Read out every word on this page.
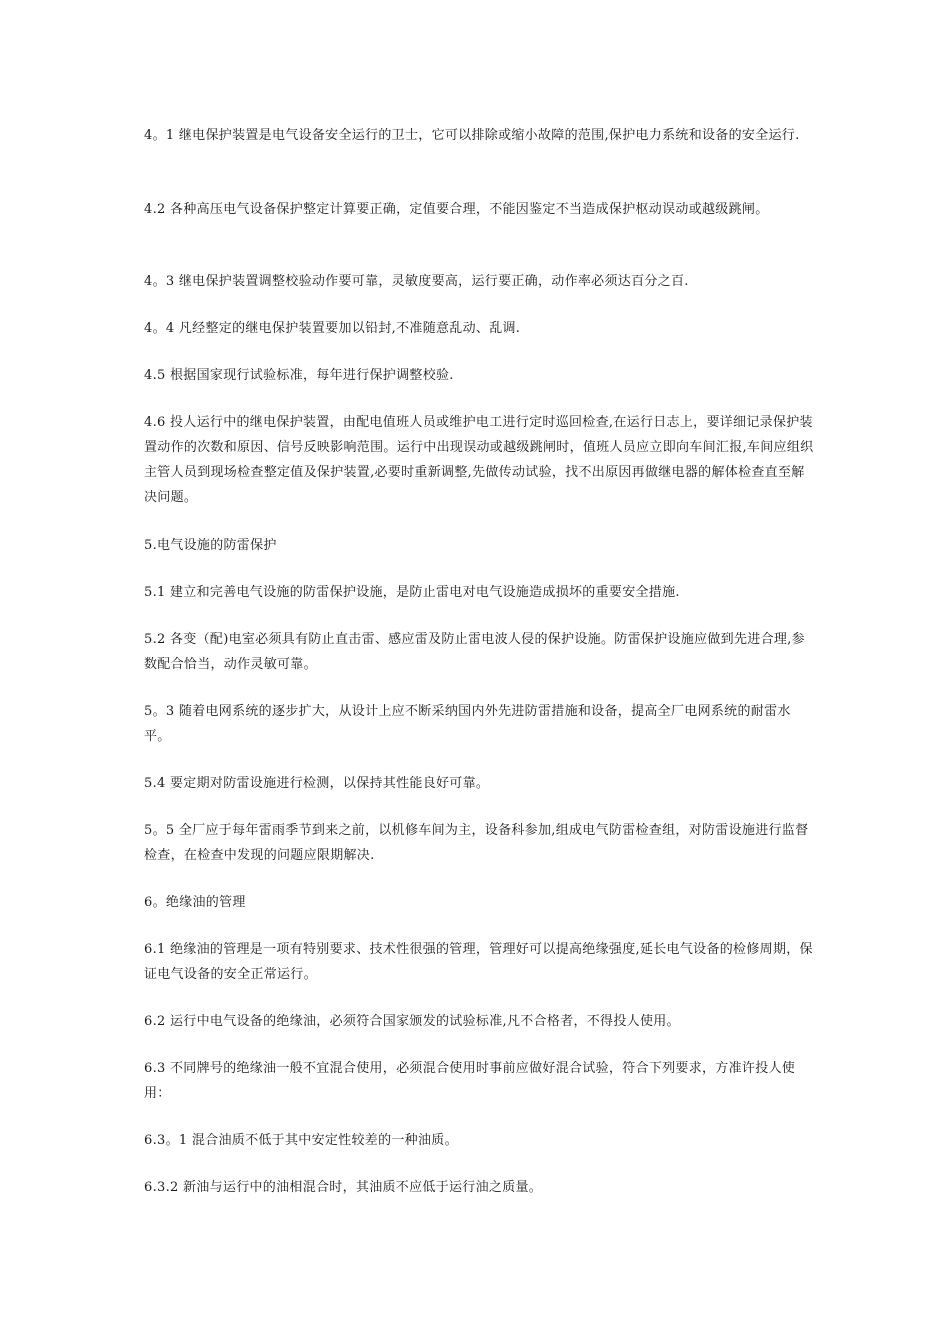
4。1 继电保护装置是电气设备安全运行的卫士，它可以排除或缩小故障的范围,保护电力系统和设备的安全运行.

4.2 各种高压电气设备保护整定计算要正确，定值要合理，不能因鉴定不当造成保护枢动误动或越级跳闸。

4。3 继电保护装置调整校验动作要可靠，灵敏度要高，运行要正确，动作率必须达百分之百.

4。4 凡经整定的继电保护装置要加以铅封,不准随意乱动、乱调.

4.5 根据国家现行试验标准，每年进行保护调整校验.

4.6 投人运行中的继电保护装置，由配电值班人员或维护电工进行定时巡回检查,在运行日志上，要详细记录保护装置动作的次数和原因、信号反映影响范围。运行中出现误动或越级跳闸时，值班人员应立即向车间汇报,车间应组织主管人员到现场检查整定值及保护装置,必要时重新调整,先做传动试验，找不出原因再做继电器的解体检查直至解决问题。

5.电气设施的防雷保护

5.1 建立和完善电气设施的防雷保护设施，是防止雷电对电气设施造成损坏的重要安全措施.

5.2 各变（配)电室必须具有防止直击雷、感应雷及防止雷电波人侵的保护设施。防雷保护设施应做到先进合理,参数配合恰当，动作灵敏可靠。

5。3 随着电网系统的逐步扩大，从设计上应不断采纳国内外先进防雷措施和设备，提高全厂电网系统的耐雷水平。

5.4 要定期对防雷设施进行检测，以保持其性能良好可靠。

5。5 全厂应于每年雷雨季节到来之前，以机修车间为主，设备科参加,组成电气防雷检查组，对防雷设施进行监督检查，在检查中发现的问题应限期解决.

6。绝缘油的管理

6.1 绝缘油的管理是一项有特别要求、技术性很强的管理，管理好可以提高绝缘强度,延长电气设备的检修周期，保证电气设备的安全正常运行。

6.2 运行中电气设备的绝缘油，必须符合国家颁发的试验标准,凡不合格者，不得投人使用。

6.3 不同牌号的绝缘油一般不宜混合使用，必须混合使用时事前应做好混合试验，符合下列要求，方准许投人使用：

6.3。1 混合油质不低于其中安定性较差的一种油质。

6.3.2 新油与运行中的油相混合时，其油质不应低于运行油之质量。
